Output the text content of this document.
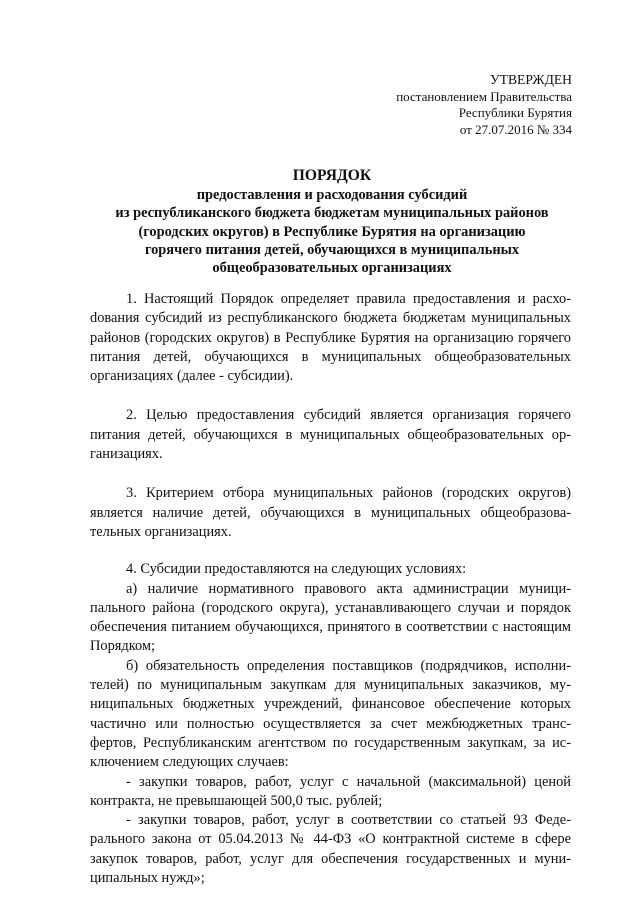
УТВЕРЖДЕН
постановлением Правительства
Республики Бурятия
от 27.07.2016 № 334
ПОРЯДОК
предоставления и расходования субсидий
из республиканского бюджета бюджетам муниципальных районов
(городских округов) в Республике Бурятия на организацию
горячего питания детей, обучающихся в муниципальных
общеобразовательных организациях

1. Настоящий Порядок определяет правила предоставления и расхоdования субсидий из республиканского бюджета бюджетам муниципальных районов (городских округов) в Республике Бурятия на организацию горячего питания детей, обучающихся в муниципальных общеобразовательных организациях (далее - субсидии).

2. Целью предоставления субсидий является организация горячего питания детей, обучающихся в муниципальных общеобразовательных организациях.

3. Критерием отбора муниципальных районов (городских округов) является наличие детей, обучающихся в муниципальных общеобразовательных организациях.

4. Субсидии предоставляются на следующих условиях:

а) наличие нормативного правового акта администрации муниципального района (городского округа), устанавливающего случаи и порядок обеспечения питанием обучающихся, принятого в соответствии с настоящим Порядком;

б) обязательность определения поставщиков (подрядчиков, исполнителей) по муниципальным закупкам для муниципальных заказчиков, муниципальных бюджетных учреждений, финансовое обеспечение которых частично или полностью осуществляется за счет межбюджетных трансфертов, Республиканским агентством по государственным закупкам, за исключением следующих случаев:

- закупки товаров, работ, услуг с начальной (максимальной) ценой контракта, не превышающей 500,0 тыс. рублей;

- закупки товаров, работ, услуг в соответствии со статьей 93 Федерального закона от 05.04.2013 № 44-ФЗ «О контрактной системе в сфере закупок товаров, работ, услуг для обеспечения государственных и муниципальных нужд»;
